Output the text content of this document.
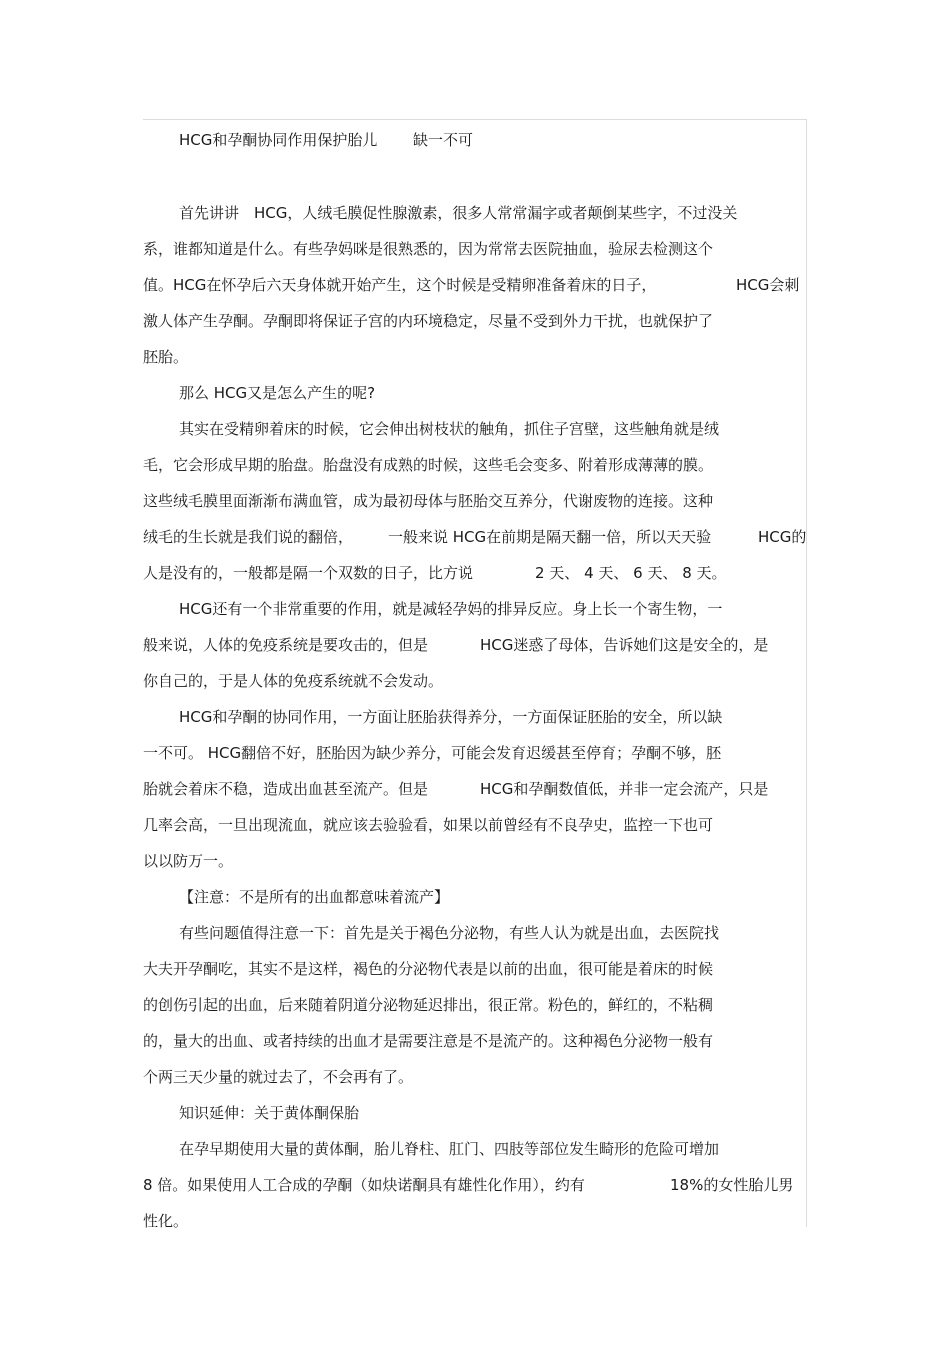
HCG和孕酮协同作用保护胎儿 缺一不可
首先讲讲 HCG，人绒毛膜促性腺激素，很多人常常漏字或者颠倒某些字，不过没关
系，谁都知道是什么。有些孕妈咪是很熟悉的，因为常常去医院抽血，验尿去检测这个
值。HCG在怀孕后六天身体就开始产生，这个时候是受精卵准备着床的日子，	HCG会刺
激人体产生孕酮。孕酮即将保证子宫的内环境稳定，尽量不受到外力干扰，也就保护了
胚胎。
那么 HCG又是怎么产生的呢?
其实在受精卵着床的时候，它会伸出树枝状的触角，抓住子宫壁，这些触角就是绒
毛，它会形成早期的胎盘。胎盘没有成熟的时候，这些毛会变多、附着形成薄薄的膜。
这些绒毛膜里面渐渐布满血管，成为最初母体与胚胎交互养分，代谢废物的连接。这种
绒毛的生长就是我们说的翻倍， 一般来说 HCG在前期是隔天翻一倍，所以天天验	HCG的
人是没有的，一般都是隔一个双数的日子，比方说	2 天、 4 天、 6 天、 8 天。
HCG还有一个非常重要的作用，就是减轻孕妈的排异反应。身上长一个寄生物，一
般来说，人体的免疫系统是要攻击的，但是	HCG迷惑了母体，告诉她们这是安全的，是
你自己的，于是人体的免疫系统就不会发动。
HCG和孕酮的协同作用，一方面让胚胎获得养分，一方面保证胚胎的安全，所以缺
一不可。 HCG翻倍不好，胚胎因为缺少养分，可能会发育迟缓甚至停育；孕酮不够，胚
胎就会着床不稳，造成出血甚至流产。但是	HCG和孕酮数值低，并非一定会流产，只是
几率会高，一旦出现流血，就应该去验验看，如果以前曾经有不良孕史，监控一下也可
以以防万一。
【注意：不是所有的出血都意味着流产】
有些问题值得注意一下：首先是关于褐色分泌物，有些人认为就是出血，去医院找
大夫开孕酮吃，其实不是这样，褐色的分泌物代表是以前的出血，很可能是着床的时候
的创伤引起的出血，后来随着阴道分泌物延迟排出，很正常。粉色的，鲜红的，不粘稠
的，量大的出血、或者持续的出血才是需要注意是不是流产的。这种褐色分泌物一般有
个两三天少量的就过去了，不会再有了。
知识延伸：关于黄体酮保胎
在孕早期使用大量的黄体酮，胎儿脊柱、肛门、四肢等部位发生畸形的危险可增加
8 倍。如果使用人工合成的孕酮（如炔诺酮具有雄性化作用），约有	18%的女性胎儿男
性化。
